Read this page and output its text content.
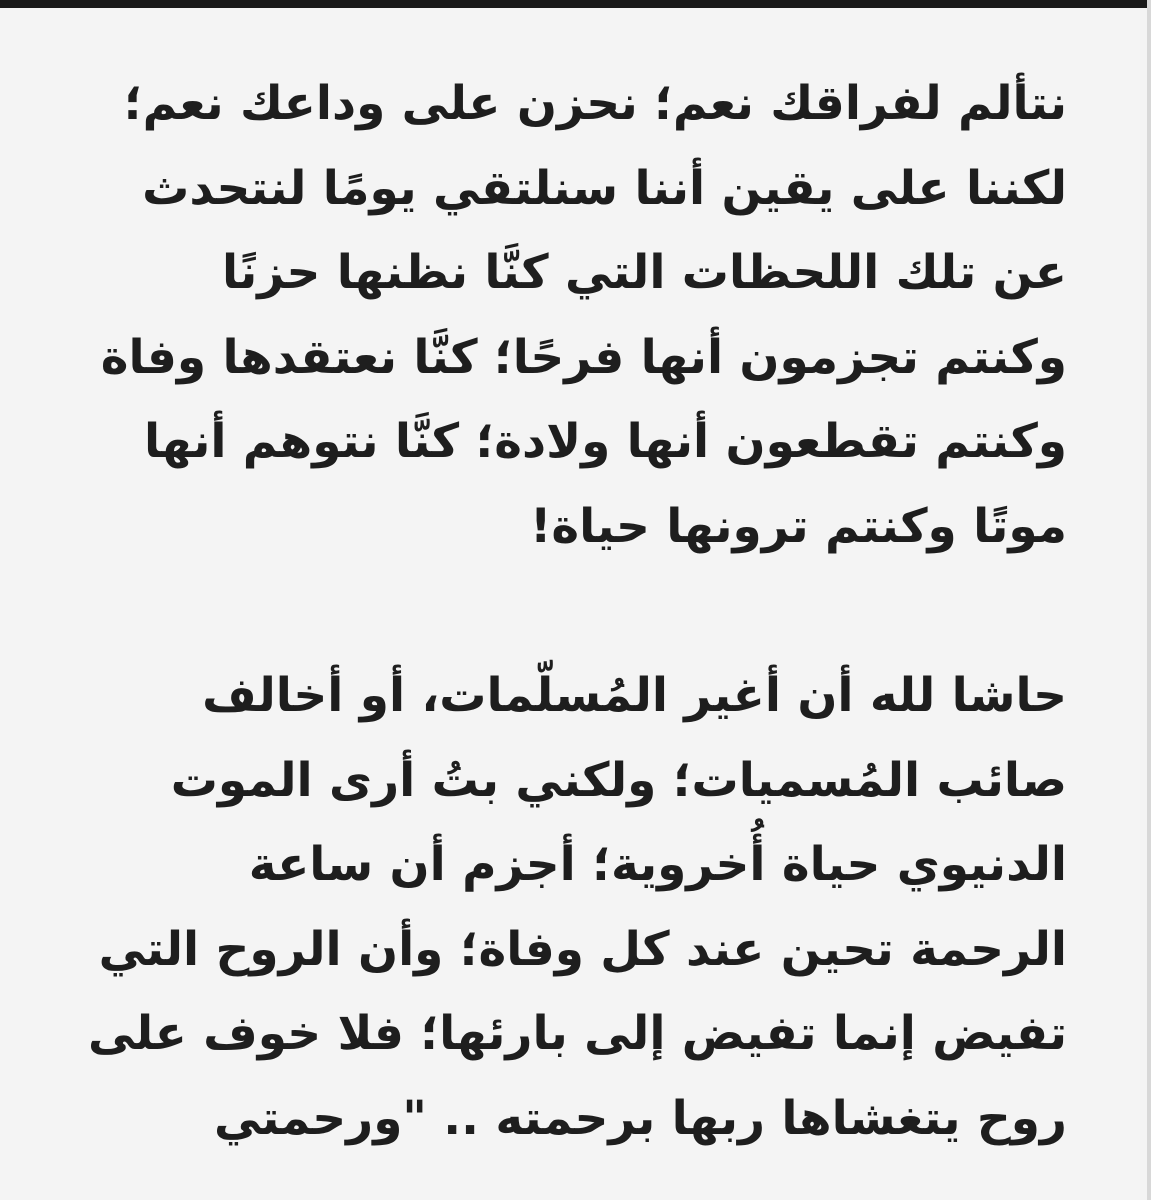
نتألم لفراقك نعم؛ نحزن على وداعك نعم؛
لكننا على يقين أننا سنلتقي يومًا لنتحدث
عن تلك اللحظات التي كنَّا نظنها حزنًا
وكنتم تجزمون أنها فرحًا؛ كنَّا نعتقدها وفاة
وكنتم تقطعون أنها ولادة؛ كنَّا نتوهم أنها
موتًا وكنتم ترونها حياة!

حاشا لله أن أغير المُسلّمات، أو أخالف
صائب المُسميات؛ ولكني بتُ أرى الموت
الدنيوي حياة أُخروية؛ أجزم أن ساعة
الرحمة تحين عند كل وفاة؛ وأن الروح التي
تفيض إنما تفيض إلى بارئها؛ فلا خوف على
روح يتغشاها ربها برحمته .. "ورحمتي
